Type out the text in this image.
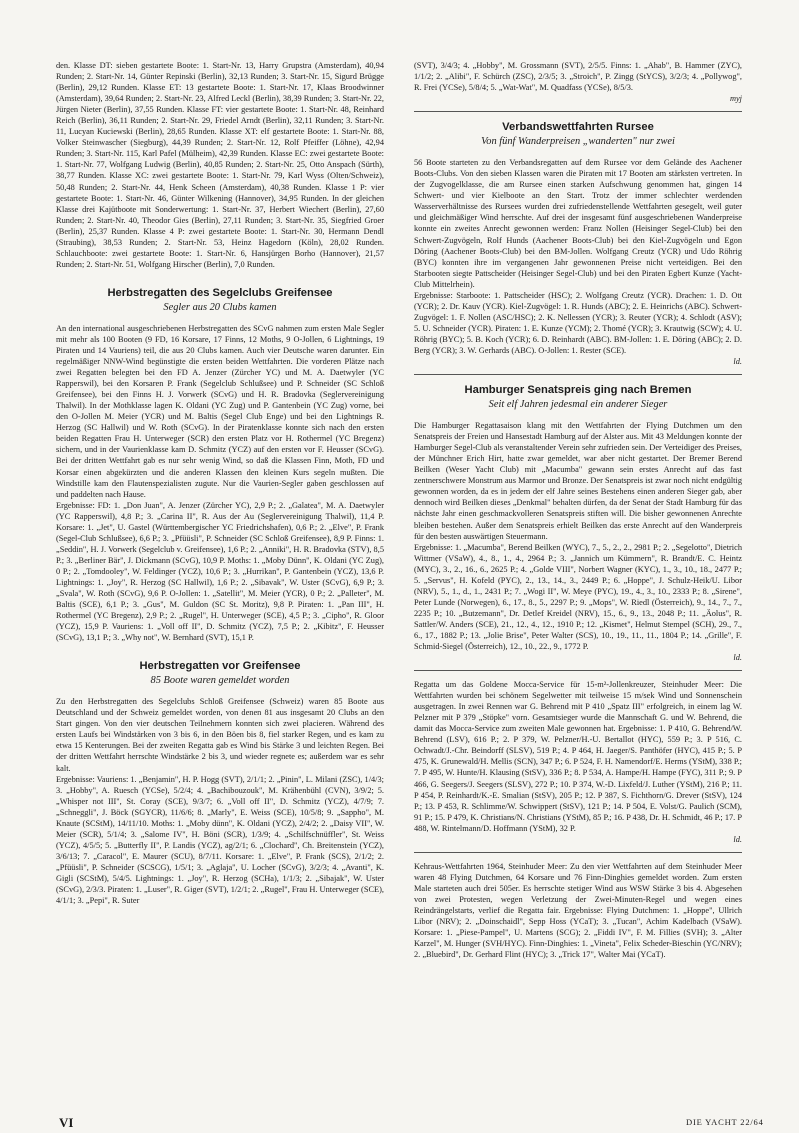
den. Klasse DT: sieben gestartete Boote: 1. Start-Nr. 13, Harry Grupstra (Amsterdam), 40,94 Runden; 2. Start-Nr. 14, Günter Repinski (Berlin), 32,13 Runden; 3. Start-Nr. 15, Sigurd Brügge (Berlin), 29,12 Runden. Klasse ET: 13 gestartete Boote: 1. Start-Nr. 17, Klaas Broodwinner (Amsterdam), 39,64 Runden; 2. Start-Nr. 23, Alfred Leckl (Berlin), 38,39 Runden; 3. Start-Nr. 22, Jürgen Nieter (Berlin), 37,55 Runden. Klasse FT: vier gestartete Boote: 1. Start-Nr. 48, Reinhard Reich (Berlin), 36,11 Runden; 2. Start-Nr. 29, Friedel Arndt (Berlin), 32,11 Runden; 3. Start-Nr. 11, Lucyan Kuciewski (Berlin), 28,65 Runden. Klasse XT: elf gestartete Boote: 1. Start-Nr. 88, Volker Steinwascher (Siegburg), 44,39 Runden; 2. Start-Nr. 12, Rolf Pfeiffer (Löhne), 42,94 Runden; 3. Start-Nr. 115, Karl Pafel (Mülheim), 42,39 Runden. Klasse EC: zwei gestartete Boote: 1. Start-Nr. 77, Wolfgang Ludwig (Berlin), 40,85 Runden; 2. Start-Nr. 25, Otto Anspach (Sürth), 38,77 Runden. Klasse XC: zwei gestartete Boote: 1. Start-Nr. 79, Karl Wyss (Olten/Schweiz), 50,48 Runden; 2. Start-Nr. 44, Henk Scheen (Amsterdam), 40,38 Runden. Klasse 1 P: vier gestartete Boote: 1. Start-Nr. 46, Günter Wilkening (Hannover), 34,95 Runden. In der gleichen Klasse drei Kajütboote mit Sonderwertung: 1. Start-Nr. 37, Herbert Wiechert (Berlin), 27,60 Runden; 2. Start-Nr. 40, Theodor Gies (Berlin), 27,11 Runden; 3. Start-Nr. 35, Siegfried Groer (Berlin), 25,37 Runden. Klasse 4 P: zwei gestartete Boote: 1. Start-Nr. 30, Hermann Dendl (Straubing), 38,53 Runden; 2. Start-Nr. 53, Heinz Hagedorn (Köln), 28,02 Runden. Schlauchboote: zwei gestartete Boote: 1. Start-Nr. 6, Hansjürgen Borho (Hannover), 21,57 Runden; 2. Start-Nr. 51, Wolfgang Hirscher (Berlin), 7,0 Runden.

Herbstregatten des Segelclubs Greifensee
Segler aus 20 Clubs kamen

An den international ausgeschriebenen Herbstregatten des SCvG nahmen zum ersten Male Segler mit mehr als 100 Booten (9 FD, 16 Korsare, 17 Finns, 12 Moths, 9 O-Jollen, 6 Lightnings, 19 Piraten und 14 Vauriens) teil, die aus 20 Clubs kamen. Auch vier Deutsche waren darunter. Ein regelmäßiger NNW-Wind begünstigte die ersten beiden Wettfahrten. Die vorderen Plätze nach zwei Regatten belegten bei den FD A. Jenzer (Zürcher YC) und M. A. Daetwyler (YC Rapperswil), bei den Korsaren P. Frank (Segelclub Schlußsee) und P. Schneider (SC Schloß Greifensee), bei den Finns H. J. Vorwerk (SCvG) und H. R. Bradovka (Seglervereinigung Thalwil). In der Mothklasse lagen K. Oldani (YC Zug) und P. Gantenbein (YC Zug) vorne, bei den O-Jollen M. Meier (YCR) und M. Baltis (Segel Club Enge) und bei den Lightnings R. Herzog (SC Hallwil) und W. Roth (SCvG). In der Piratenklasse konnte sich nach den ersten beiden Regatten Frau H. Unterweger (SCR) den ersten Platz vor H. Rothermel (YC Bregenz) sichern, und in der Vaurienklasse kam D. Schmitz (YCZ) auf den ersten vor F. Heusser (SCvG). Bei der dritten Wettfahrt gab es nur sehr wenig Wind, so daß die Klassen Finn, Moth, FD und Korsar einen abgekürzten und die anderen Klassen den kleinen Kurs segeln mußten. Die Windstille kam den Flautenspezialisten zugute. Nur die Vaurien-Segler gaben geschlossen auf und paddelten nach Hause.

Ergebnisse: FD: 1. „Don Juan", A. Jenzer (Zürcher YC), 2,9 P.; 2. „Galatea", M. A. Daetwyler (YC Rapperswil), 4,8 P.; 3. „Carina II", R. Aus der Au (Seglervereinigung Thalwil), 11,4 P. Korsare: 1. „Jet", U. Gastel (Württembergischer YC Friedrichshafen), 0,6 P.; 2. „Elve", P. Frank (Segel-Club Schlußsee), 6,6 P.; 3. „Pfüüsli", P. Schneider (SC Schloß Greifensee), 8,9 P. Finns: 1. „Seddin", H. J. Vorwerk (Segelclub v. Greifensee), 1,6 P.; 2. „Anniki", H. R. Bradovka (STV), 8,5 P.; 3. „Berliner Bär", J. Dickmann (SCvG), 10,9 P. Moths: 1. „Moby Dünn", K. Oldani (YC Zug), 0 P.; 2. „Tomdooley", W. Feldinger (YCZ), 10,6 P.; 3. „Hurrikan", P. Gantenbein (YCZ), 13,6 P. Lightnings: 1. „Joy", R. Herzog (SC Hallwil), 1,6 P.; 2. „Sibavak", W. Uster (SCvG), 6,9 P.; 3. „Svala", W. Roth (SCvG), 9,6 P. O-Jollen: 1. „Satellit", M. Meier (YCR), 0 P.; 2. „Palleter", M. Baltis (SCE), 6,1 P.; 3. „Gus", M. Guldon (SC St. Moritz), 9,8 P. Piraten: 1. „Pan III", H. Rothermel (YC Bregenz), 2,9 P.; 2. „Rugel", H. Unterweger (SCE), 4,5 P.; 3. „Cipho", R. Gloor (YCZ), 15,9 P. Vauriens: 1. „Voll off II", D. Schmitz (YCZ), 7,5 P.; 2. „Kibitz", F. Heusser (SCvG), 13,1 P.; 3. „Why not", W. Bernhard (SVT), 15,1 P.

Herbstregatten vor Greifensee
85 Boote waren gemeldet worden

Zu den Herbstregatten des Segelclubs Schloß Greifensee (Schweiz) waren 85 Boote aus Deutschland und der Schweiz gemeldet worden, von denen 81 aus insgesamt 20 Clubs an den Start gingen. Von den vier deutschen Teilnehmern konnten sich zwei placieren. Während des ersten Laufs bei Windstärken von 3 bis 6, in den Böen bis 8, fiel starker Regen, und es kam zu etwa 15 Kenterungen. Bei der zweiten Regatta gab es Wind bis Stärke 3 und leichten Regen. Bei der dritten Wettfahrt herrschte Windstärke 2 bis 3, und wieder regnete es; außerdem war es sehr kalt.

Ergebnisse: Vauriens: 1. „Benjamin", H. P. Hogg (SVT), 2/1/1; 2. „Pinin", L. Milani (ZSC), 1/4/3; 3. „Hobby", A. Ruesch (YCSe), 5/2/4; 4. „Bachibouzouk", M. Krähenbühl (CVN), 3/9/2; 5. „Whisper not III", St. Coray (SCE), 9/3/7; 6. „Voll off II", D. Schmitz (YCZ), 4/7/9; 7. „Schneggli", J. Böck (SGYCR), 11/6/6; 8. „Marly", E. Weiss (SCE), 10/5/8; 9. „Sappho", M. Knaute (SCStM), 14/11/10. Moths: 1. „Moby dünn", K. Oldani (YCZ), 2/4/2; 2. „Daisy VII", W. Meier (SCR), 5/1/4; 3. „Salome IV", H. Böni (SCR), 1/3/9; 4. „Schilfschnüffler", St. Weiss (YCZ), 4/5/5; 5. „Butterfly II", P. Landis (YCZ), ag/2/1; 6. „Clochard", Ch. Breitenstein (YCZ), 3/6/13; 7. „Caracol", E. Maurer (SCU), 8/7/11. Korsare: 1. „Elve", P. Frank (SCS), 2/1/2; 2. „Pfüüsli", P. Schneider (SCSCG), 1/5/1; 3. „Aglaja", U. Locher (SCvG), 3/2/3; 4. „Avanti", K. Gigli (SCStM), 5/4/5. Lightnings: 1. „Joy", R. Herzog (SCHa), 1/1/3; 2. „Sibajak", W. Uster (SCvG), 2/3/3. Piraten: 1. „Luser", R. Giger (SVT), 1/2/1; 2. „Rugel", Frau H. Unterweger (SCE), 4/1/1; 3. „Pepi", R. Suter

(SVT), 3/4/3; 4. „Hobby", M. Grossmann (SVT), 2/5/5. Finns: 1. „Ahab", B. Hammer (ZYC), 1/1/2; 2. „Alibi", F. Schürch (ZSC), 2/3/5; 3. „Stroich", P. Zingg (StYCS), 3/2/3; 4. „Pollywog", R. Frei (YCSe), 5/8/4; 5. „Wat-Wat", M. Quadfass (YCSe), 8/5/3.

myj

Verbandswettfahrten Rursee
Von fünf Wanderpreisen „wanderten" nur zwei

56 Boote starteten zu den Verbandsregatten auf dem Rursee vor dem Gelände des Aachener Boots-Clubs. Von den sieben Klassen waren die Piraten mit 17 Booten am stärksten vertreten. In der Zugvogelklasse, die am Rursee einen starken Aufschwung genommen hat, gingen 14 Schwert- und vier Kielboote an den Start. Trotz der immer schlechter werdenden Wasserverhältnisse des Rursees wurden drei zufriedenstellende Wettfahrten gesegelt, weil guter und gleichmäßiger Wind herrschte. Auf drei der insgesamt fünf ausgeschriebenen Wanderpreise konnte ein zweites Anrecht gewonnen werden: Franz Nollen (Heisinger Segel-Club) bei den Schwert-Zugvögeln, Rolf Hunds (Aachener Boots-Club) bei den Kiel-Zugvögeln und Egon Döring (Aachener Boots-Club) bei den BM-Jollen. Wolfgang Creutz (YCR) und Udo Röhrig (BYC) konnten ihre im vergangenen Jahr gewonnenen Preise nicht verteidigen. Bei den Starbooten siegte Pattscheider (Heisinger Segel-Club) und bei den Piraten Egbert Kunze (Yacht-Club Mittelrhein).

Ergebnisse: Starboote: 1. Pattscheider (HSC); 2. Wolfgang Creutz (YCR). Drachen: 1. D. Ott (YCR); 2. Dr. Kauv (YCR). Kiel-Zugvögel: 1. R. Hunds (ABC); 2. E. Heinrichs (ABC). Schwert-Zugvögel: 1. F. Nollen (ASC/HSC); 2. K. Nellessen (YCR); 3. Reuter (YCR); 4. Schlodt (ASV); 5. U. Schneider (YCR). Piraten: 1. E. Kunze (YCM); 2. Thomé (YCR); 3. Krautwig (SCW); 4. U. Röhrig (BYC); 5. B. Koch (YCR); 6. D. Reinhardt (ABC). BM-Jollen: 1. E. Döring (ABC); 2. D. Berg (YCR); 3. W. Gerhards (ABC). O-Jollen: 1. Rester (SCE).

ld.

Hamburger Senatspreis ging nach Bremen
Seit elf Jahren jedesmal ein anderer Sieger

Die Hamburger Regattasaison klang mit den Wettfahrten der Flying Dutchmen um den Senatspreis der Freien und Hansestadt Hamburg auf der Alster aus. Mit 43 Meldungen konnte der Hamburger Segel-Club als veranstaltender Verein sehr zufrieden sein. Der Verteidiger des Preises, der Münchner Erich Hirt, hatte zwar gemeldet, war aber nicht gestartet. Der Bremer Berend Beilken (Weser Yacht Club) mit „Macumba" gewann sein erstes Anrecht auf das fast zentnerschwere Monstrum aus Marmor und Bronze. Der Senatspreis ist zwar noch nicht endgültig gewonnen worden, da es in jedem der elf Jahre seines Bestehens einen anderen Sieger gab, aber dennoch wird Beilken dieses „Denkmal" behalten dürfen, da der Senat der Stadt Hamburg für das nächste Jahr einen geschmackvolleren Senatspreis stiften will. Die bisher gewonnenen Anrechte bleiben bestehen. Außer dem Senatspreis erhielt Beilken das erste Anrecht auf den Wanderpreis für den besten auswärtigen Steuermann.

Ergebnisse: 1. „Macumba", Berend Beilken (WYC), 7., 5., 2., 2., 2981 P.; 2. „Segelotto", Dietrich Wittmer (VSaW), 4., 8., 1., 4., 2964 P.; 3. „Jannich um Kümmern", R. Brandt/E. C. Heintz (MYC), 3., 2., 16., 6., 2625 P.; 4. „Golde VIII", Norbert Wagner (KYC), 1., 3., 10., 18., 2477 P.; 5. „Servus", H. Kofeld (PYC), 2., 13., 14., 3., 2449 P.; 6. „Hoppe", J. Schulz-Heik/U. Libor (NRV), 5., 1., d., 1., 2431 P.; 7. „Wogi II", W. Meye (PYC), 19., 4., 3., 10., 2333 P.; 8. „Sirene", Peter Lunde (Norwegen), 6., 17., 8., 5., 2297 P.; 9. „Mops", W. Riedl (Österreich), 9., 14., 7., 7., 2235 P.; 10. „Butzemann", Dr. Detlef Kreidel (NRV), 15., 6., 9., 13., 2048 P.; 11. „Äolus", R. Sattler/W. Anders (SCE), 21., 12., 4., 12., 1910 P.; 12. „Kismet", Helmut Stempel (SCH), 29., 7., 6., 17., 1882 P.; 13. „Jolie Brise", Peter Walter (SCS), 10., 19., 11., 11., 1804 P.; 14. „Grille", F. Schmid-Siegel (Österreich), 12., 10., 22., 9., 1772 P.

ld.

Regatta um das Goldene Mocca-Service für 15-m²-Jollenkreuzer, Steinhuder Meer: Die Wettfahrten wurden bei schönem Segelwetter mit teilweise 15 m/sek Wind und Sonnenschein ausgetragen. In zwei Rennen war G. Behrend mit P 410 „Spatz III" erfolgreich, in einem lag W. Pelzner mit P 379 „Stöpke" vorn. Gesamtsieger wurde die Mannschaft G. und W. Behrend, die damit das Mocca-Service zum zweiten Male gewonnen hat. Ergebnisse: 1. P 410, G. Behrend/W. Behrend (LSV), 616 P.; 2. P 379, W. Pelzner/H.-U. Bertallot (HYC), 559 P.; 3. P 516, C. Ochwadt/J.-Chr. Beindorff (SLSV), 519 P.; 4. P 464, H. Jaeger/S. Panthöfer (HYC), 415 P.; 5. P 475, K. Grunewald/H. Mellis (SCN), 347 P.; 6. P 524, F. H. Namendorf/E. Herms (YStM), 338 P.; 7. P 495, W. Hunte/H. Klausing (StSV), 336 P.; 8. P 534, A. Hampe/H. Hampe (FYC), 311 P.; 9. P 466, G. Seegers/J. Seegers (SLSV), 272 P.; 10. P 374, W.-D. Lixfeld/J. Luther (YStM), 216 P.; 11. P 454, P. Reinhardt/K.-E. Smalian (StSV), 205 P.; 12. P 387, S. Fichthorn/G. Drever (StSV), 124 P.; 13. P 453, R. Schlimme/W. Schwippert (StSV), 121 P.; 14. P 504, E. Volst/G. Paulich (SCM), 91 P.; 15. P 479, K. Christians/N. Christians (YStM), 85 P.; 16. P 438, Dr. H. Schmidt, 46 P.; 17. P 488, W. Rintelmann/D. Hoffmann (YStM), 32 P.

ld.

Kehraus-Wettfahrten 1964, Steinhuder Meer: Zu den vier Wettfahrten auf dem Steinhuder Meer waren 48 Flying Dutchmen, 64 Korsare und 76 Finn-Dinghies gemeldet worden. Zum ersten Male starteten auch drei 505er. Es herrschte stetiger Wind aus WSW Stärke 3 bis 4. Abgesehen von zwei Protesten, wegen Verletzung der Zwei-Minuten-Regel und wegen eines Reindrängelstarts, verlief die Regatta fair. Ergebnisse: Flying Dutchmen: 1. „Hoppe", Ullrich Libor (NRV); 2. „Doinschaidl", Sepp Hoss (YCaT); 3. „Tucan", Achim Kadelbach (VSaW). Korsare: 1. „Piese-Pampel", U. Martens (SCG); 2. „Fiddi IV", F. M. Fillies (SVH); 3. „Alter Karzel", M. Hunger (SVH/HYC). Finn-Dinghies: 1. „Vineta", Felix Scheder-Bieschin (YC/NRV); 2. „Bluebird", Dr. Gerhard Flint (HYC); 3. „Trick 17", Walter Mai (YCaT).

VI	DIE YACHT 22/64
